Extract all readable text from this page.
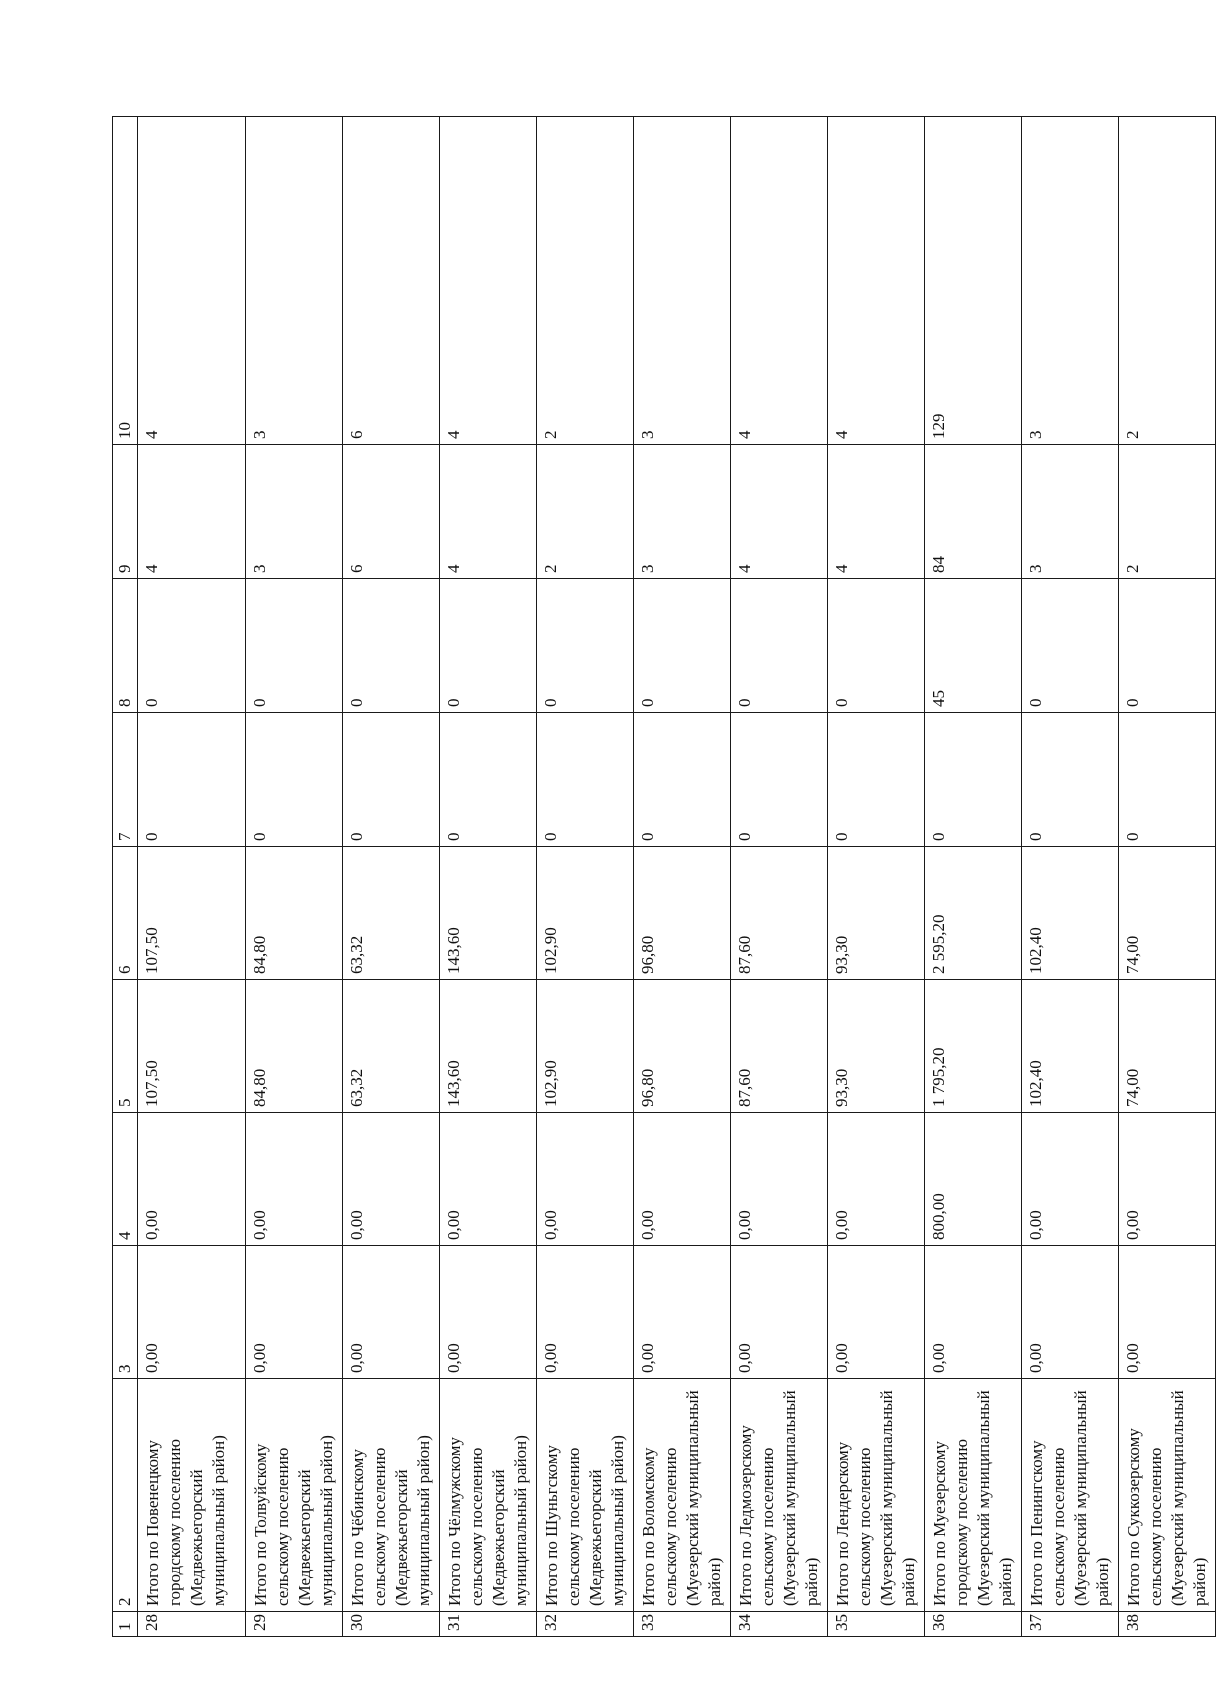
1	2	3	4	5	6	7	8	9	10
28	Итого по Повенецкому городскому поселению (Медвежьегорский муниципальный район)	0,00	0,00	107,50	107,50	0	0	4	4
29	Итого по Толвуйскому сельскому поселению (Медвежьегорский муниципальный район)	0,00	0,00	84,80	84,80	0	0	3	3
30	Итого по Чёбинскому сельскому поселению (Медвежьегорский муниципальный район)	0,00	0,00	63,32	63,32	0	0	6	6
31	Итого по Чёлмужскому сельскому поселению (Медвежьегорский муниципальный район)	0,00	0,00	143,60	143,60	0	0	4	4
32	Итого по Шуньгскому сельскому поселению (Медвежьегорский муниципальный район)	0,00	0,00	102,90	102,90	0	0	2	2
33	Итого по Воломскому сельскому поселению (Муезерский муниципальный район)	0,00	0,00	96,80	96,80	0	0	3	3
34	Итого по Ледмозерскому сельскому поселению (Муезерский муниципальный район)	0,00	0,00	87,60	87,60	0	0	4	4
35	Итого по Лендерскому сельскому поселению (Муезерский муниципальный район)	0,00	0,00	93,30	93,30	0	0	4	4
36	Итого по Муезерскому городскому поселению (Муезерский муниципальный район)	0,00	800,00	1 795,20	2 595,20	0	45	84	129
37	Итого по Пенингскому сельскому поселению (Муезерский муниципальный район)	0,00	0,00	102,40	102,40	0	0	3	3
38	Итого по Суккозерскому сельскому поселению (Муезерский муниципальный район)	0,00	0,00	74,00	74,00	0	0	2	2
